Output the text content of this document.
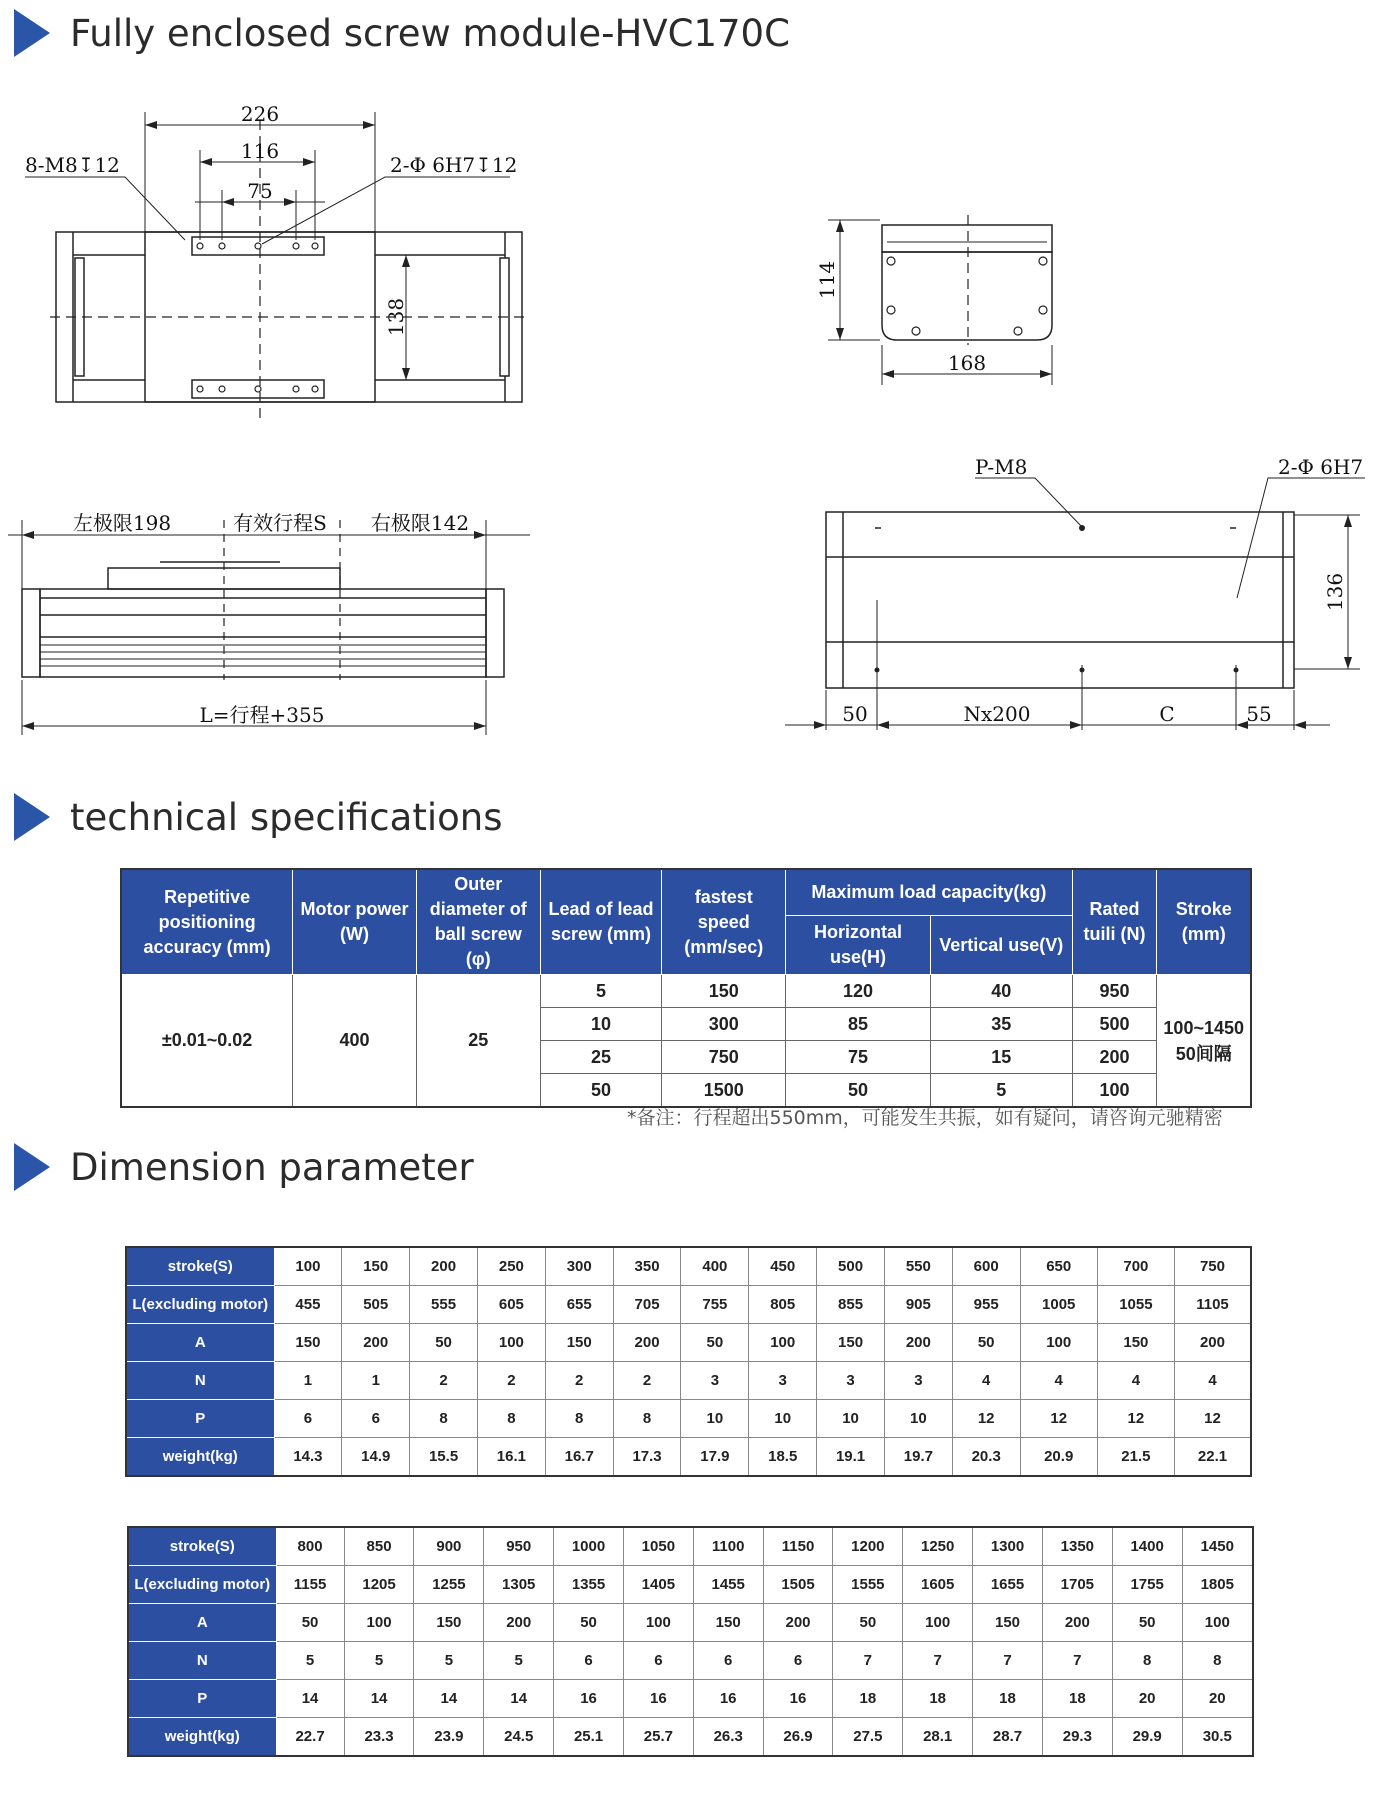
Fully enclosed screw module-HVC170C
226
116
75
8-M8↧12	2-Φ 6H7↧12
138
114
168
左极限198	有效行程S 右极限142
L=行程+355
P-M8	2-Φ 6H7
136
50	Nx200	C	55
technical specifications
Repetitive positioning accuracy (mm)	Motor power (W)	Outer diameter of ball screw (φ)	Lead of lead screw (mm)	fastest speed (mm/sec)	Maximum load capacity(kg)		Rated tuili (N)	Stroke (mm)
					Horizontal use(H)	Vertical use(V)		
±0.01~0.02	400	25	5	150	120	40	950	100~1450 50间隔
			10	300	85	35	500	
			25	750	75	15	200	
			50	1500	50	5	100	
*备注：行程超出550mm，可能发生共振，如有疑问，请咨询元驰精密
Dimension parameter
stroke(S)	100	150	200	250	300	350	400	450	500	550	600	650	700	750
L(excluding motor)	455	505	555	605	655	705	755	805	855	905	955	1005	1055	1105
A	150	200	50	100	150	200	50	100	150	200	50	100	150	200
N	1	1	2	2	2	2	3	3	3	3	4	4	4	4
P	6	6	8	8	8	8	10	10	10	10	12	12	12	12
weight(kg)	14.3	14.9	15.5	16.1	16.7	17.3	17.9	18.5	19.1	19.7	20.3	20.9	21.5	22.1
stroke(S)	800	850	900	950	1000	1050	1100	1150	1200	1250	1300	1350	1400	1450
L(excluding motor)	1155	1205	1255	1305	1355	1405	1455	1505	1555	1605	1655	1705	1755	1805
A	50	100	150	200	50	100	150	200	50	100	150	200	50	100
N	5	5	5	5	6	6	6	6	7	7	7	7	8	8
P	14	14	14	14	16	16	16	16	18	18	18	18	20	20
weight(kg)	22.7	23.3	23.9	24.5	25.1	25.7	26.3	26.9	27.5	28.1	28.7	29.3	29.9	30.5
